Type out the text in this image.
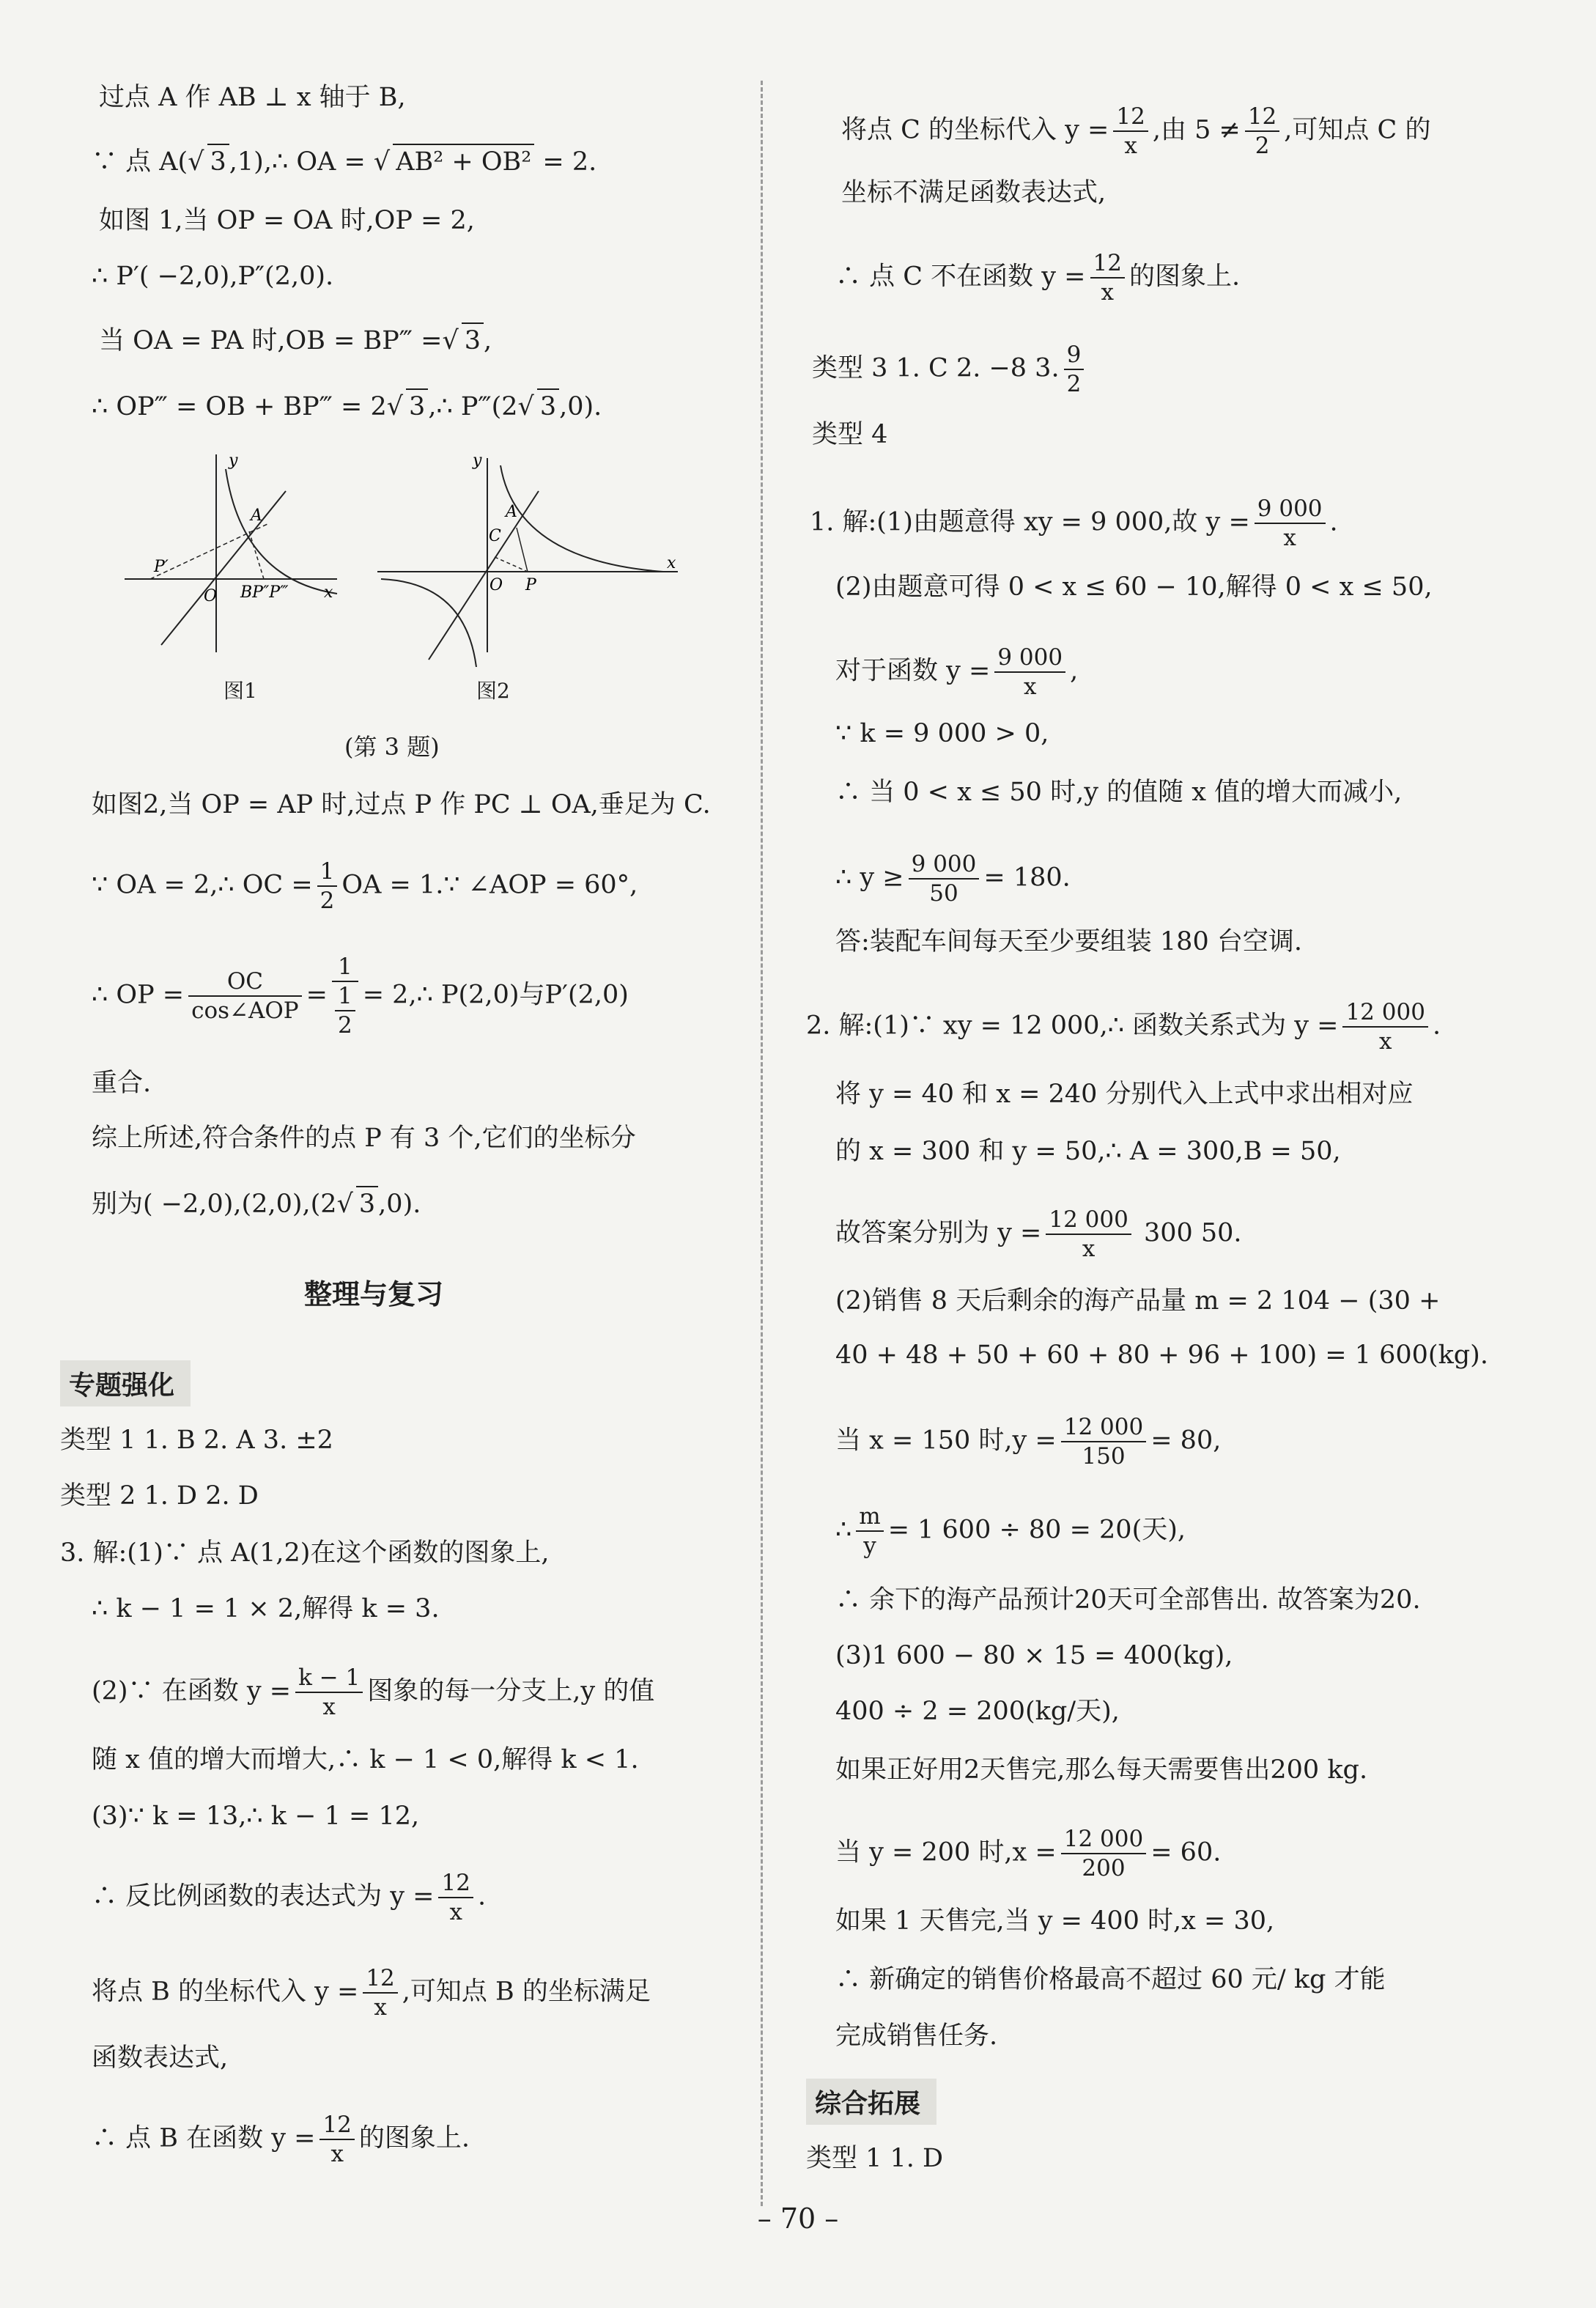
过点 A 作 AB ⊥ x 轴于 B,
∵ 点 A(√ 3 ,1),∴ OA = √ AB² + OB² = 2.
如图 1,当 OP = OA 时,OP = 2,
∴ P′( −2,0),P″(2,0).
当 OA = PA 时,OB = BP‴ =√ 3 ,
∴ OP‴ = OB + BP‴ = 2√ 3 ,∴ P‴(2√ 3 ,0).
y
A
P′
O BP″P‴ x
y
A
C
O P
x
图1	图2
(第 3 题)
如图2,当 OP = AP 时,过点 P 作 PC ⊥ OA,垂足为 C.
∵ OA = 2,∴ OC = $\frac{1}{2}$ OA = 1.∵ ∠AOP = 60°,
∴ OP =	OC
cos∠AOP
= $\frac{1}{\frac{1}{2}}$ = 2,∴ P(2,0)与P′(2,0)
重合.
综上所述,符合条件的点 P 有 3 个,它们的坐标分
别为( −2,0),(2,0),(2√ 3 ,0).
整理与复习
专题强化
类型 1 1. B 2. A 3. ±2
类型 2 1. D 2. D
3. 解:(1)∵ 点 A(1,2)在这个函数的图象上,
∴ k − 1 = 1 × 2,解得 k = 3.
(2)∵ 在函数 $y = \frac{k - 1}{x}$ 图象的每一分支上,y 的值
随 x 值的增大而增大,∴ k − 1 < 0,解得 k < 1.
(3)∵ k = 13,∴ k − 1 = 12,
∴ 反比例函数的表达式为 $y = \frac{12}{x}$ .
将点 B 的坐标代入 $y = \frac{12}{x}$ ,可知点 B 的坐标满足
函数表达式,
∴ 点 B 在函数 $y = \frac{12}{x}$ 的图象上.
将点 C 的坐标代入 $y = \frac{12}{x}$ ,由 $5 \ne \frac{12}{2}$ ,可知点 C 的
坐标不满足函数表达式,
∴ 点 C 不在函数 $y = \frac{12}{x}$ 的图象上.
类型 3 1. C 2. −8 3. $\frac{9}{2}$
类型 4
1. 解:(1)由题意得 xy = 9 000,故 $y = \frac{9 000}{x}$ .
(2)由题意可得 0 < x ≤ 60 − 10,解得 0 < x ≤ 50,
对于函数 $y = \frac{9 000}{x}$ ,
∵ k = 9 000 > 0,
∴ 当 0 < x ≤ 50 时,y 的值随 x 值的增大而减小,
∴ $y \ge \frac{9 000}{50} = 180$.
答:装配车间每天至少要组装 180 台空调.
2. 解:(1)∵ xy = 12 000,∴ 函数关系式为 $y = \frac{12 000}{x}$ .
将 y = 40 和 x = 240 分别代入上式中求出相对应
的 x = 300 和 y = 50,∴ A = 300,B = 50,
故答案分别为 $y = \frac{12 000}{x} 300$ 50.
(2)销售 8 天后剩余的海产品量 m = 2 104 − (30 +
40 + 48 + 50 + 60 + 80 + 96 + 100) = 1 600(kg).
当 x = 150 时$,y = \frac{12 000}{150} = 80$,
∴ $\frac{m}{y} = 1$ 600 ÷ 80 = 20(天),
∴ 余下的海产品预计20天可全部售出. 故答案为20.
(3)1 600 − 80 × 15 = 400(kg),
400 ÷ 2 = 200(kg/天),
如果正好用2天售完,那么每天需要售出200 kg.
当 y = 200 时$,x = \frac{12 000}{200} = 60$.
如果 1 天售完,当 y = 400 时,x = 30,
∴ 新确定的销售价格最高不超过 60 元/ kg 才能
完成销售任务.
综合拓展
类型 1 1. D
– 70 –
